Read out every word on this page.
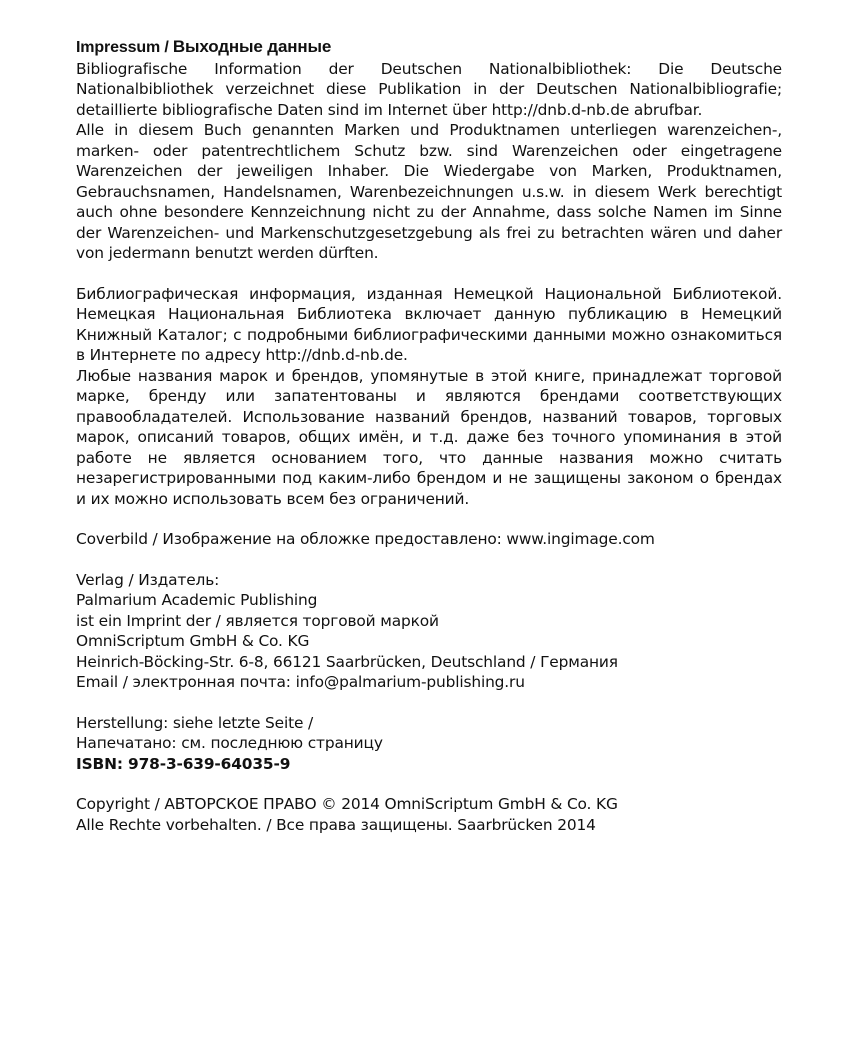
Impressum / Выходные данные

Bibliografische Information der Deutschen Nationalbibliothek: Die Deutsche Nationalbibliothek verzeichnet diese Publikation in der Deutschen Nationalbibliografie; detaillierte bibliografische Daten sind im Internet über http://dnb.d-nb.de abrufbar.

Alle in diesem Buch genannten Marken und Produktnamen unterliegen warenzeichen-, marken- oder patentrechtlichem Schutz bzw. sind Warenzeichen oder eingetragene Warenzeichen der jeweiligen Inhaber. Die Wiedergabe von Marken, Produktnamen, Gebrauchsnamen, Handelsnamen, Warenbezeichnungen u.s.w. in diesem Werk berechtigt auch ohne besondere Kennzeichnung nicht zu der Annahme, dass solche Namen im Sinne der Warenzeichen- und Markenschutzgesetzgebung als frei zu betrachten wären und daher von jedermann benutzt werden dürften.

Библиографическая информация, изданная Немецкой Национальной Библиотекой. Немецкая Национальная Библиотека включает данную публикацию в Немецкий Книжный Каталог; с подробными библиографическими данными можно ознакомиться в Интернете по адресу http://dnb.d-nb.de.

Любые названия марок и брендов, упомянутые в этой книге, принадлежат торговой марке, бренду или запатентованы и являются брендами соответствующих правообладателей. Использование названий брендов, названий товаров, торговых марок, описаний товаров, общих имён, и т.д. даже без точного упоминания в этой работе не является основанием того, что данные названия можно считать незарегистрированными под каким-либо брендом и не защищены законом о брендах и их можно использовать всем без ограничений.

Coverbild / Изображение на обложке предоставлено: www.ingimage.com

Verlag / Издатель:
Palmarium Academic Publishing
ist ein Imprint der / является торговой маркой
OmniScriptum GmbH & Co. KG
Heinrich-Böcking-Str. 6-8, 66121 Saarbrücken, Deutschland / Германия
Email / электронная почта: info@palmarium-publishing.ru
Herstellung: siehe letzte Seite /
Напечатано: см. последнюю страницу
ISBN: 978-3-639-64035-9
Copyright / АВТОРСКОЕ ПРАВО © 2014 OmniScriptum GmbH & Co. KG
Alle Rechte vorbehalten. / Все права защищены. Saarbrücken 2014
